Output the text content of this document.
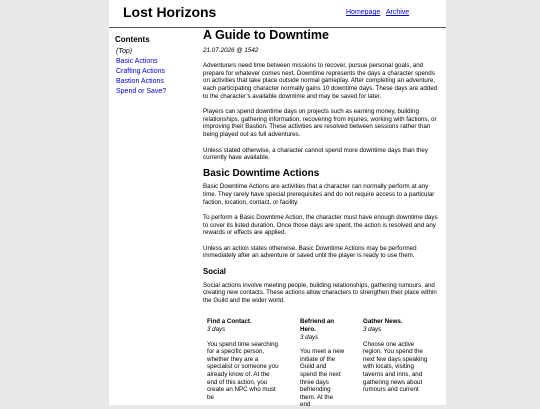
Lost Horizons	Homepage Archive
Contents
(Top)
Basic Actions
Crafting Actions
Bastion Actions
Spend or Save?
A Guide to Downtime
21.07.2026 @ 1542

Adventurers need time between missions to recover, pursue personal goals, and prepare for whatever comes next. Downtime represents the days a character spends on activities that take place outside normal gameplay. After completing an adventure, each participating character normally gains 10 downtime days. These days are added to the character’s available downtime and may be saved for later.

Players can spend downtime days on projects such as earning money, building relationships, gathering information, recovering from injuries, working with factions, or improving their Bastion. These activities are resolved between sessions rather than being played out as full adventures.

Unless stated otherwise, a character cannot spend more downtime days than they currently have available.

Basic Downtime Actions

Basic Downtime Actions are activities that a character can normally perform at any time. They rarely have special prerequisites and do not require access to a particular faction, location, contact, or facility.

To perform a Basic Downtime Action, the character must have enough downtime days to cover its listed duration. Once those days are spent, the action is resolved and any rewards or effects are applied.

Unless an action states otherwise, Basic Downtime Actions may be performed immediately after an adventure or saved until the player is ready to use them.

Social

Social actions involve meeting people, building relationships, gathering rumours, and creating new contacts. These actions allow characters to strengthen their place within the Guild and the wider world.

Find a Contact.
3 days
You spend time searching for a specific person, whether they are a specialist or someone you already know of. At the end of this action, you create an NPC who must be
Befriend an Hero.
3 days
You meet a new initiate of the Guild and spend the next three days befriending them. At the end
Gather News.
3 days
Choose one active region. You spend the next few days speaking with locals, visiting taverns and inns, and gathering news about rumours and current
